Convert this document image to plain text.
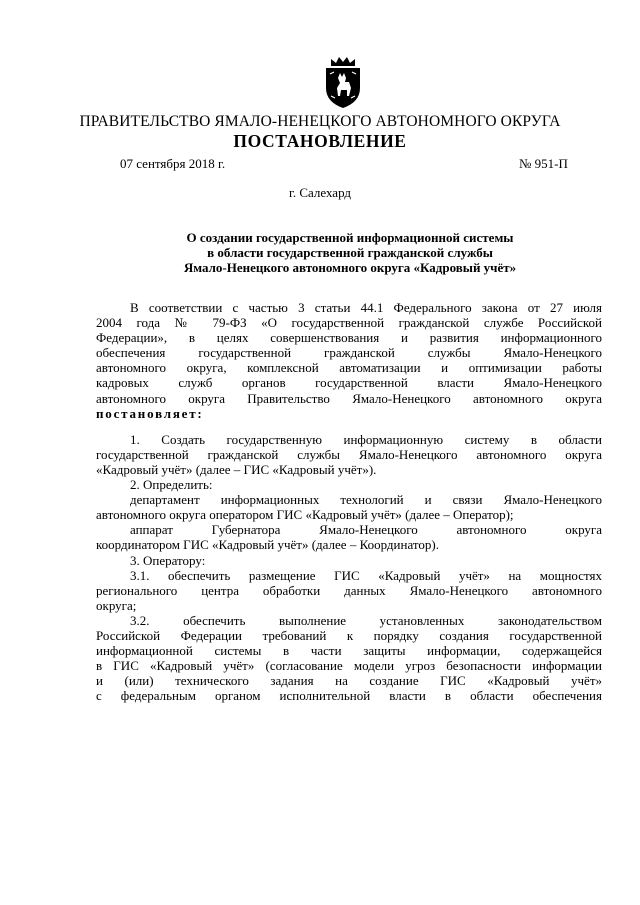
ПРАВИТЕЛЬСТВО ЯМАЛО-НЕНЕЦКОГО АВТОНОМНОГО ОКРУГА
ПОСТАНОВЛЕНИЕ
07 сентября 2018 г.	№ 951-П
г. Салехард
О создании государственной информационной системы
в области государственной гражданской службы
Ямало-Ненецкого автономного округа «Кадровый учёт»
В соответствии с частью 3 статьи 44.1 Федерального закона от 27 июля
2004 года № 79-ФЗ «О государственной гражданской службе Российской
Федерации», в целях совершенствования и развития информационного
обеспечения государственной гражданской службы Ямало-Ненецкого
автономного округа, комплексной автоматизации и оптимизации работы
кадровых служб органов государственной власти Ямало-Ненецкого
автономного округа Правительство Ямало-Ненецкого автономного округа
постановляет:
1. Создать государственную информационную систему в области
государственной гражданской службы Ямало-Ненецкого автономного округа
«Кадровый учёт» (далее – ГИС «Кадровый учёт»).
2. Определить:
департамент информационных технологий и связи Ямало-Ненецкого
автономного округа оператором ГИС «Кадровый учёт» (далее – Оператор);
аппарат Губернатора Ямало-Ненецкого автономного округа
координатором ГИС «Кадровый учёт» (далее – Координатор).
3. Оператору:
3.1. обеспечить размещение ГИС «Кадровый учёт» на мощностях
регионального центра обработки данных Ямало-Ненецкого автономного
округа;
3.2. обеспечить выполнение установленных законодательством
Российской Федерации требований к порядку создания государственной
информационной системы в части защиты информации, содержащейся
в ГИС «Кадровый учёт» (согласование модели угроз безопасности информации
и (или) технического задания на создание ГИС «Кадровый учёт»
с федеральным органом исполнительной власти в области обеспечения
